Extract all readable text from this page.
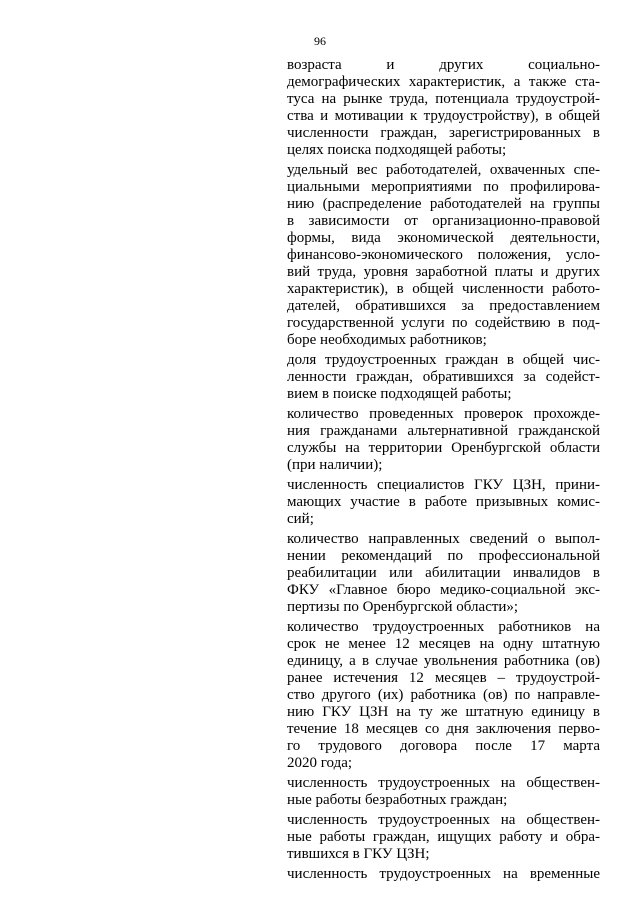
96

возраста и других социально-
демографических характеристик, а также ста-
туса на рынке труда, потенциала трудоустрой-
ства и мотивации к трудоустройству), в общей
численности граждан, зарегистрированных в
целях поиска подходящей работы;

удельный вес работодателей, охваченных спе-
циальными мероприятиями по профилирова-
нию (распределение работодателей на группы
в зависимости от организационно-правовой
формы, вида экономической деятельности,
финансово-экономического положения, усло-
вий труда, уровня заработной платы и других
характеристик), в общей численности работо-
дателей, обратившихся за предоставлением
государственной услуги по содействию в под-
боре необходимых работников;

доля трудоустроенных граждан в общей чис-
ленности граждан, обратившихся за содейст-
вием в поиске подходящей работы;

количество проведенных проверок прохожде-
ния гражданами альтернативной гражданской
службы на территории Оренбургской области
(при наличии);

численность специалистов ГКУ ЦЗН, прини-
мающих участие в работе призывных комис-
сий;

количество направленных сведений о выпол-
нении рекомендаций по профессиональной
реабилитации или абилитации инвалидов в
ФКУ «Главное бюро медико-социальной экс-
пертизы по Оренбургской области»;

количество трудоустроенных работников на
срок не менее 12 месяцев на одну штатную
единицу, а в случае увольнения работника (ов)
ранее истечения 12 месяцев – трудоустрой-
ство другого (их) работника (ов) по направле-
нию ГКУ ЦЗН на ту же штатную единицу в
течение 18 месяцев со дня заключения перво-
го трудового договора после 17 марта
2020 года;

численность трудоустроенных на обществен-
ные работы безработных граждан;

численность трудоустроенных на обществен-
ные работы граждан, ищущих работу и обра-
тившихся в ГКУ ЦЗН;

численность трудоустроенных на временные
